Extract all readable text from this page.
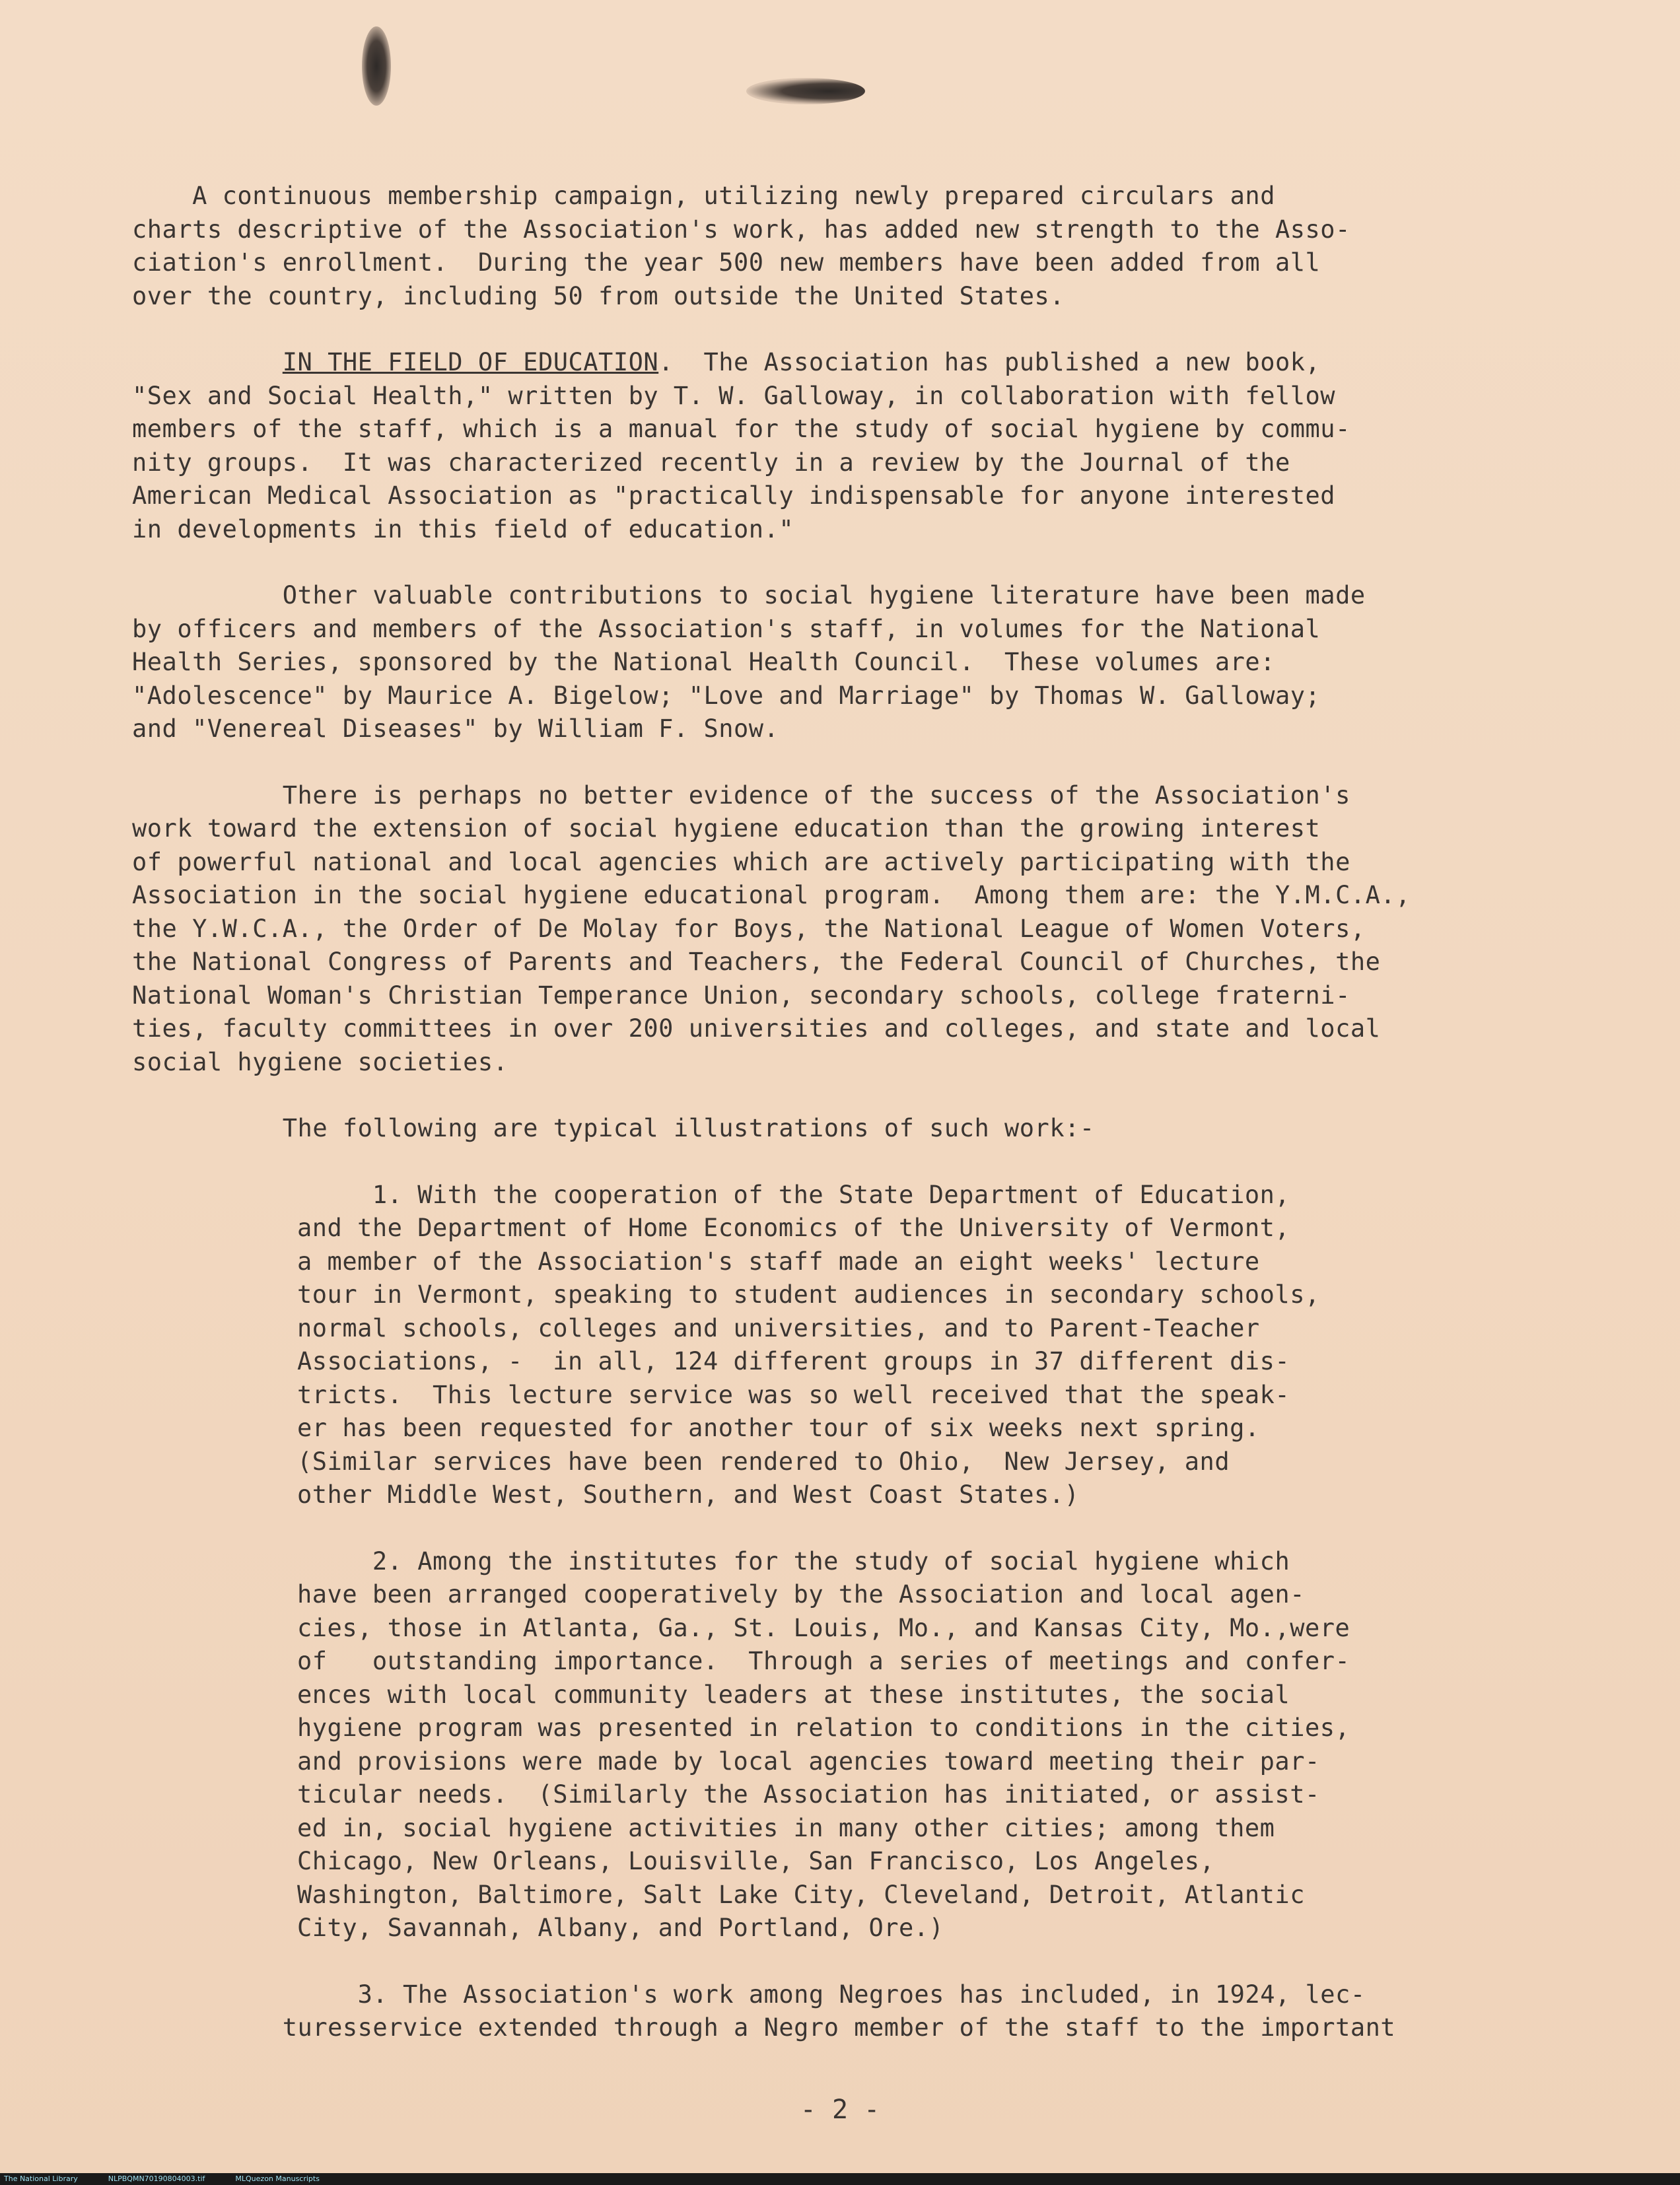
A continuous membership campaign, utilizing newly prepared circulars and
charts descriptive of the Association's work, has added new strength to the Asso-
ciation's enrollment.  During the year 500 new members have been added from all
over the country, including 50 from outside the United States.

IN THE FIELD OF EDUCATION.  The Association has published a new book,
"Sex and Social Health," written by T. W. Galloway, in collaboration with fellow
members of the staff, which is a manual for the study of social hygiene by commu-
nity groups.  It was characterized recently in a review by the Journal of the
American Medical Association as "practically indispensable for anyone interested
in developments in this field of education."

Other valuable contributions to social hygiene literature have been made
by officers and members of the Association's staff, in volumes for the National
Health Series, sponsored by the National Health Council.  These volumes are:
"Adolescence" by Maurice A. Bigelow; "Love and Marriage" by Thomas W. Galloway;
and "Venereal Diseases" by William F. Snow.

There is perhaps no better evidence of the success of the Association's
work toward the extension of social hygiene education than the growing interest
of powerful national and local agencies which are actively participating with the
Association in the social hygiene educational program.  Among them are: the Y.M.C.A.,
the Y.W.C.A., the Order of De Molay for Boys, the National League of Women Voters,
the National Congress of Parents and Teachers, the Federal Council of Churches, the
National Woman's Christian Temperance Union, secondary schools, college fraterni-
ties, faculty committees in over 200 universities and colleges, and state and local
social hygiene societies.

The following are typical illustrations of such work:-

1. With the cooperation of the State Department of Education,
and the Department of Home Economics of the University of Vermont,
a member of the Association's staff made an eight weeks' lecture
tour in Vermont, speaking to student audiences in secondary schools,
normal schools, colleges and universities, and to Parent-Teacher
Associations, -  in all, 124 different groups in 37 different dis-
tricts.  This lecture service was so well received that the speak-
er has been requested for another tour of six weeks next spring.
(Similar services have been rendered to Ohio,  New Jersey, and
other Middle West, Southern, and West Coast States.)

2. Among the institutes for the study of social hygiene which
have been arranged cooperatively by the Association and local agen-
cies, those in Atlanta, Ga., St. Louis, Mo., and Kansas City, Mo.,were
of   outstanding importance.  Through a series of meetings and confer-
ences with local community leaders at these institutes, the social
hygiene program was presented in relation to conditions in the cities,
and provisions were made by local agencies toward meeting their par-
ticular needs.  (Similarly the Association has initiated, or assist-
ed in, social hygiene activities in many other cities; among them
Chicago, New Orleans, Louisville, San Francisco, Los Angeles,
Washington, Baltimore, Salt Lake City, Cleveland, Detroit, Atlantic
City, Savannah, Albany, and Portland, Ore.)

3. The Association's work among Negroes has included, in 1924, lec-
turesservice extended through a Negro member of the staff to the important

- 2 -
The National Library	NLPBQMN70190804003.tif	MLQuezon Manuscripts
